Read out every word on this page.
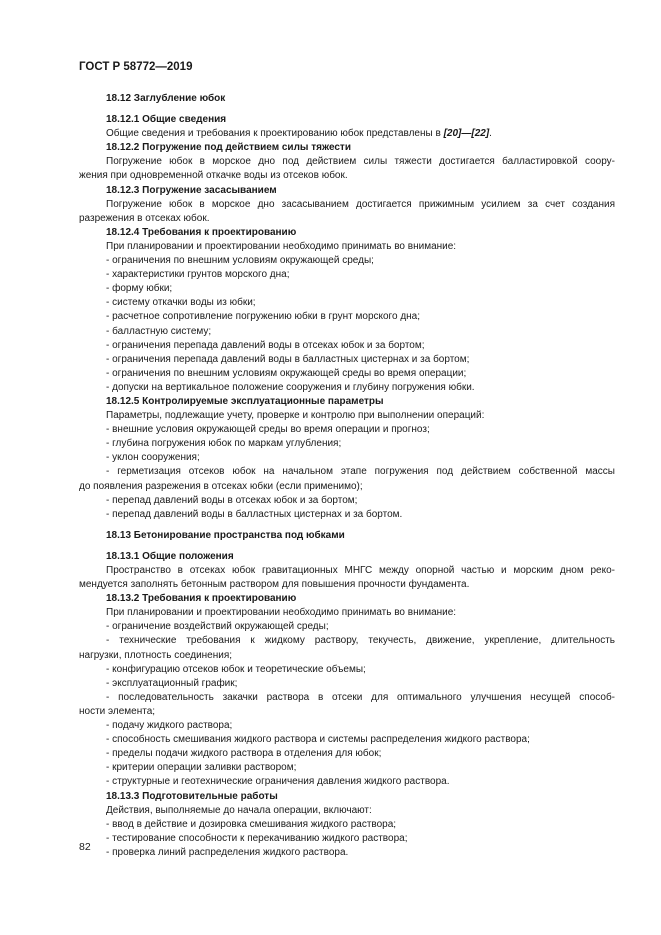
ГОСТ Р 58772—2019
18.12 Заглубление юбок
18.12.1 Общие сведения
Общие сведения и требования к проектированию юбок представлены в [20]—[22].
18.12.2 Погружение под действием силы тяжести
Погружение юбок в морское дно под действием силы тяжести достигается балластировкой соору-
жения при одновременной откачке воды из отсеков юбок.
18.12.3 Погружение засасыванием
Погружение юбок в морское дно засасыванием достигается прижимным усилием за счет создания
разрежения в отсеках юбок.
18.12.4 Требования к проектированию
При планировании и проектировании необходимо принимать во внимание:
- ограничения по внешним условиям окружающей среды;
- характеристики грунтов морского дна;
- форму юбки;
- систему откачки воды из юбки;
- расчетное сопротивление погружению юбки в грунт морского дна;
- балластную систему;
- ограничения перепада давлений воды в отсеках юбок и за бортом;
- ограничения перепада давлений воды в балластных цистернах и за бортом;
- ограничения по внешним условиям окружающей среды во время операции;
- допуски на вертикальное положение сооружения и глубину погружения юбки.
18.12.5 Контролируемые эксплуатационные параметры
Параметры, подлежащие учету, проверке и контролю при выполнении операций:
- внешние условия окружающей среды во время операции и прогноз;
- глубина погружения юбок по маркам углубления;
- уклон сооружения;
- герметизация отсеков юбок на начальном этапе погружения под действием собственной массы
до появления разрежения в отсеках юбки (если применимо);
- перепад давлений воды в отсеках юбок и за бортом;
- перепад давлений воды в балластных цистернах и за бортом.
18.13 Бетонирование пространства под юбками
18.13.1 Общие положения
Пространство в отсеках юбок гравитационных МНГС между опорной частью и морским дном реко-
мендуется заполнять бетонным раствором для повышения прочности фундамента.
18.13.2 Требования к проектированию
При планировании и проектировании необходимо принимать во внимание:
- ограничение воздействий окружающей среды;
- технические требования к жидкому раствору, текучесть, движение, укрепление, длительность
нагрузки, плотность соединения;
- конфигурацию отсеков юбок и теоретические объемы;
- эксплуатационный график;
- последовательность закачки раствора в отсеки для оптимального улучшения несущей способ-
ности элемента;
- подачу жидкого раствора;
- способность смешивания жидкого раствора и системы распределения жидкого раствора;
- пределы подачи жидкого раствора в отделения для юбок;
- критерии операции заливки раствором;
- структурные и геотехнические ограничения давления жидкого раствора.
18.13.3 Подготовительные работы
Действия, выполняемые до начала операции, включают:
- ввод в действие и дозировка смешивания жидкого раствора;
- тестирование способности к перекачиванию жидкого раствора;
- проверка линий распределения жидкого раствора.
82
